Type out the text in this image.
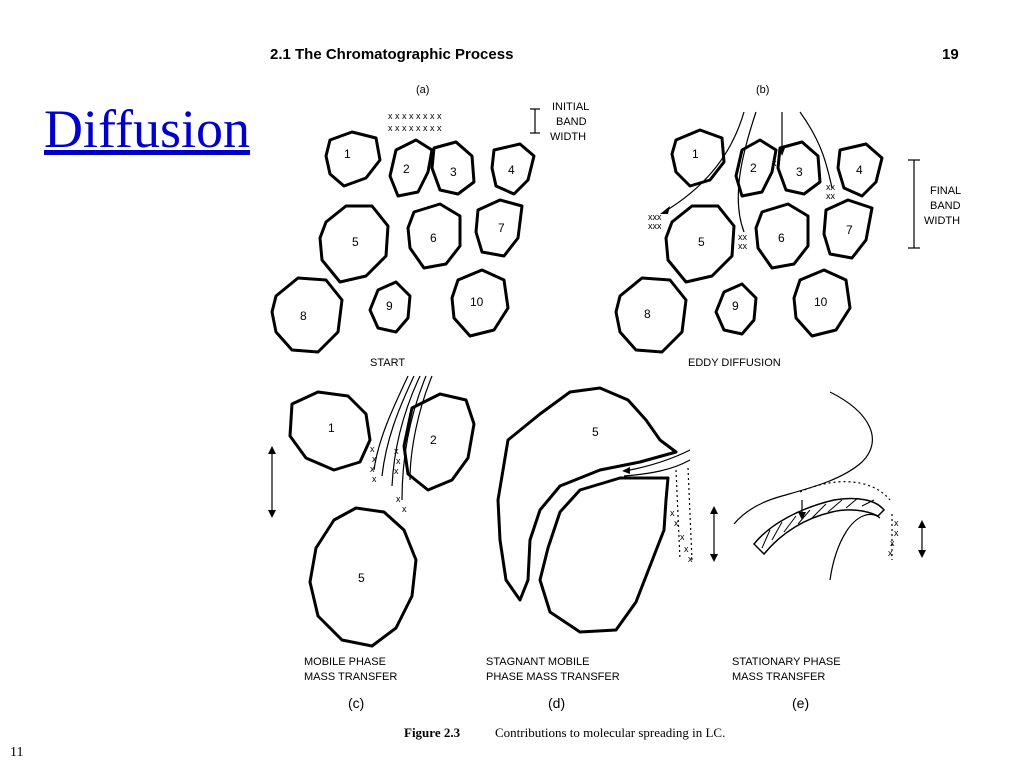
Diffusion
11
2.1 The Chromatographic Process	19
(a)
x x x x x x x x
x x x x x x x x
INITIAL
BAND
WIDTH
1
2	3	4
5	6
7
8
9	10
START
(b)
xxx
xxx
xx
xx
x
xx
xx
1
2	3	4
5	6
7
8
9	10
FINAL
BAND
WIDTH
EDDY DIFFUSION
1
2
5
x
x
x
x
x
x
x
x
x
MOBILE PHASE
MASS TRANSFER
(c)
5
x
x
x
x
x
STAGNANT MOBILE
PHASE MASS TRANSFER
(d)
x
x
x
x
STATIONARY PHASE
MASS TRANSFER
(e)
Figure 2.3	Contributions to molecular spreading in LC.
